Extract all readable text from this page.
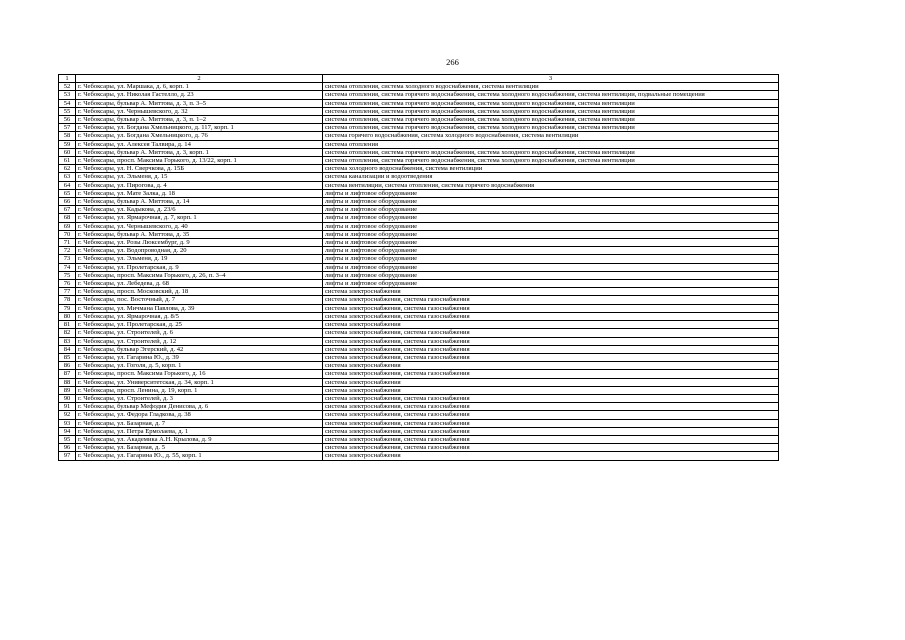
266
1	2	3
52	г. Чебоксары, ул. Маршака, д. 6, корп. 1	система отопления, система холодного водоснабжения, система вентиляции
53	г. Чебоксары, ул. Николая Гастелло, д. 23	система отопления, система горячего водоснабжения, система холодного водоснабжения, система вентиляции, подвальные помещения
54	г. Чебоксары, бульвар А. Миттова, д. 3, п. 3–5	система отопления, система горячего водоснабжения, система холодного водоснабжения, система вентиляции
55	г. Чебоксары, ул. Чернышевского, д. 32	система отопления, система горячего водоснабжения, система холодного водоснабжения, система вентиляции
56	г. Чебоксары, бульвар А. Миттова, д. 3, п. 1–2	система отопления, система горячего водоснабжения, система холодного водоснабжения, система вентиляции
57	г. Чебоксары, ул. Богдана Хмельницкого, д. 117, корп. 1	система отопления, система горячего водоснабжения, система холодного водоснабжения, система вентиляции
58	г. Чебоксары, ул. Богдана Хмельницкого, д. 76	система горячего водоснабжения, система холодного водоснабжения, система вентиляции
59	г. Чебоксары, ул. Алексея Талвира, д. 14	система отопления
60	г. Чебоксары, бульвар А. Миттова, д. 3, корп. 1	система отопления, система горячего водоснабжения, система холодного водоснабжения, система вентиляции
61	г. Чебоксары, просп. Максима Горького, д. 13/22, корп. 1	система отопления, система горячего водоснабжения, система холодного водоснабжения, система вентиляции
62	г. Чебоксары, ул. Н. Сверчкова, д. 15Б	система холодного водоснабжения, система вентиляции
63	г. Чебоксары, ул. Эльменя, д. 15	система канализации и водоотведения
64	г. Чебоксары, ул. Пирогова, д. 4	система вентиляции, система отопления, система горячего водоснабжения
65	г. Чебоксары, ул. Мате Залка, д. 18	лифты и лифтовое оборудование
66	г. Чебоксары, бульвар А. Миттова, д. 14	лифты и лифтовое оборудование
67	г. Чебоксары, ул. Кадыкова, д. 23/6	лифты и лифтовое оборудование
68	г. Чебоксары, ул. Ярмарочная, д. 7, корп. 1	лифты и лифтовое оборудование
69	г. Чебоксары, ул. Чернышевского, д. 40	лифты и лифтовое оборудование
70	г. Чебоксары, бульвар А. Миттова, д. 35	лифты и лифтовое оборудование
71	г. Чебоксары, ул. Розы Люксембург, д. 9	лифты и лифтовое оборудование
72	г. Чебоксары, ул. Водопроводная, д. 20	лифты и лифтовое оборудование
73	г. Чебоксары, ул. Эльменя, д. 19	лифты и лифтовое оборудование
74	г. Чебоксары, ул. Пролетарская, д. 9	лифты и лифтовое оборудование
75	г. Чебоксары, просп. Максима Горького, д. 26, п. 3–4	лифты и лифтовое оборудование
76	г. Чебоксары, ул. Лебедева, д. 68	лифты и лифтовое оборудование
77	г. Чебоксары, просп. Московский, д. 18	система электроснабжения
78	г. Чебоксары, пос. Восточный, д. 7	система электроснабжения, система газоснабжения
79	г. Чебоксары, ул. Мичмана Павлова, д. 39	система электроснабжения, система газоснабжения
80	г. Чебоксары, ул. Ярмарочная, д. 8/5	система электроснабжения, система газоснабжения
81	г. Чебоксары, ул. Пролетарская, д. 25	система электроснабжения
82	г. Чебоксары, ул. Строителей, д. 6	система электроснабжения, система газоснабжения
83	г. Чебоксары, ул. Строителей, д. 12	система электроснабжения, система газоснабжения
84	г. Чебоксары, бульвар Эгерский, д. 42	система электроснабжения, система газоснабжения
85	г. Чебоксары, ул. Гагарина Ю., д. 39	система электроснабжения, система газоснабжения
86	г. Чебоксары, ул. Гоголя, д. 5, корп. 1	система электроснабжения
87	г. Чебоксары, просп. Максима Горького, д. 16	система электроснабжения, система газоснабжения
88	г. Чебоксары, ул. Университетская, д. 34, корп. 1	система электроснабжения
89	г. Чебоксары, просп. Ленина, д. 19, корп. 1	система электроснабжения
90	г. Чебоксары, ул. Строителей, д. 3	система электроснабжения, система газоснабжения
91	г. Чебоксары, бульвар Мефодия Денисова, д. 6	система электроснабжения, система газоснабжения
92	г. Чебоксары, ул. Федора Гладкова, д. 38	система электроснабжения, система газоснабжения
93	г. Чебоксары, ул. Базарная, д. 7	система электроснабжения, система газоснабжения
94	г. Чебоксары, ул. Петра Ермолаева, д. 1	система электроснабжения, система газоснабжения
95	г. Чебоксары, ул. Академика А.Н. Крылова, д. 9	система электроснабжения, система газоснабжения
96	г. Чебоксары, ул. Базарная, д. 5	система электроснабжения, система газоснабжения
97	г. Чебоксары, ул. Гагарина Ю., д. 55, корп. 1	система электроснабжения
